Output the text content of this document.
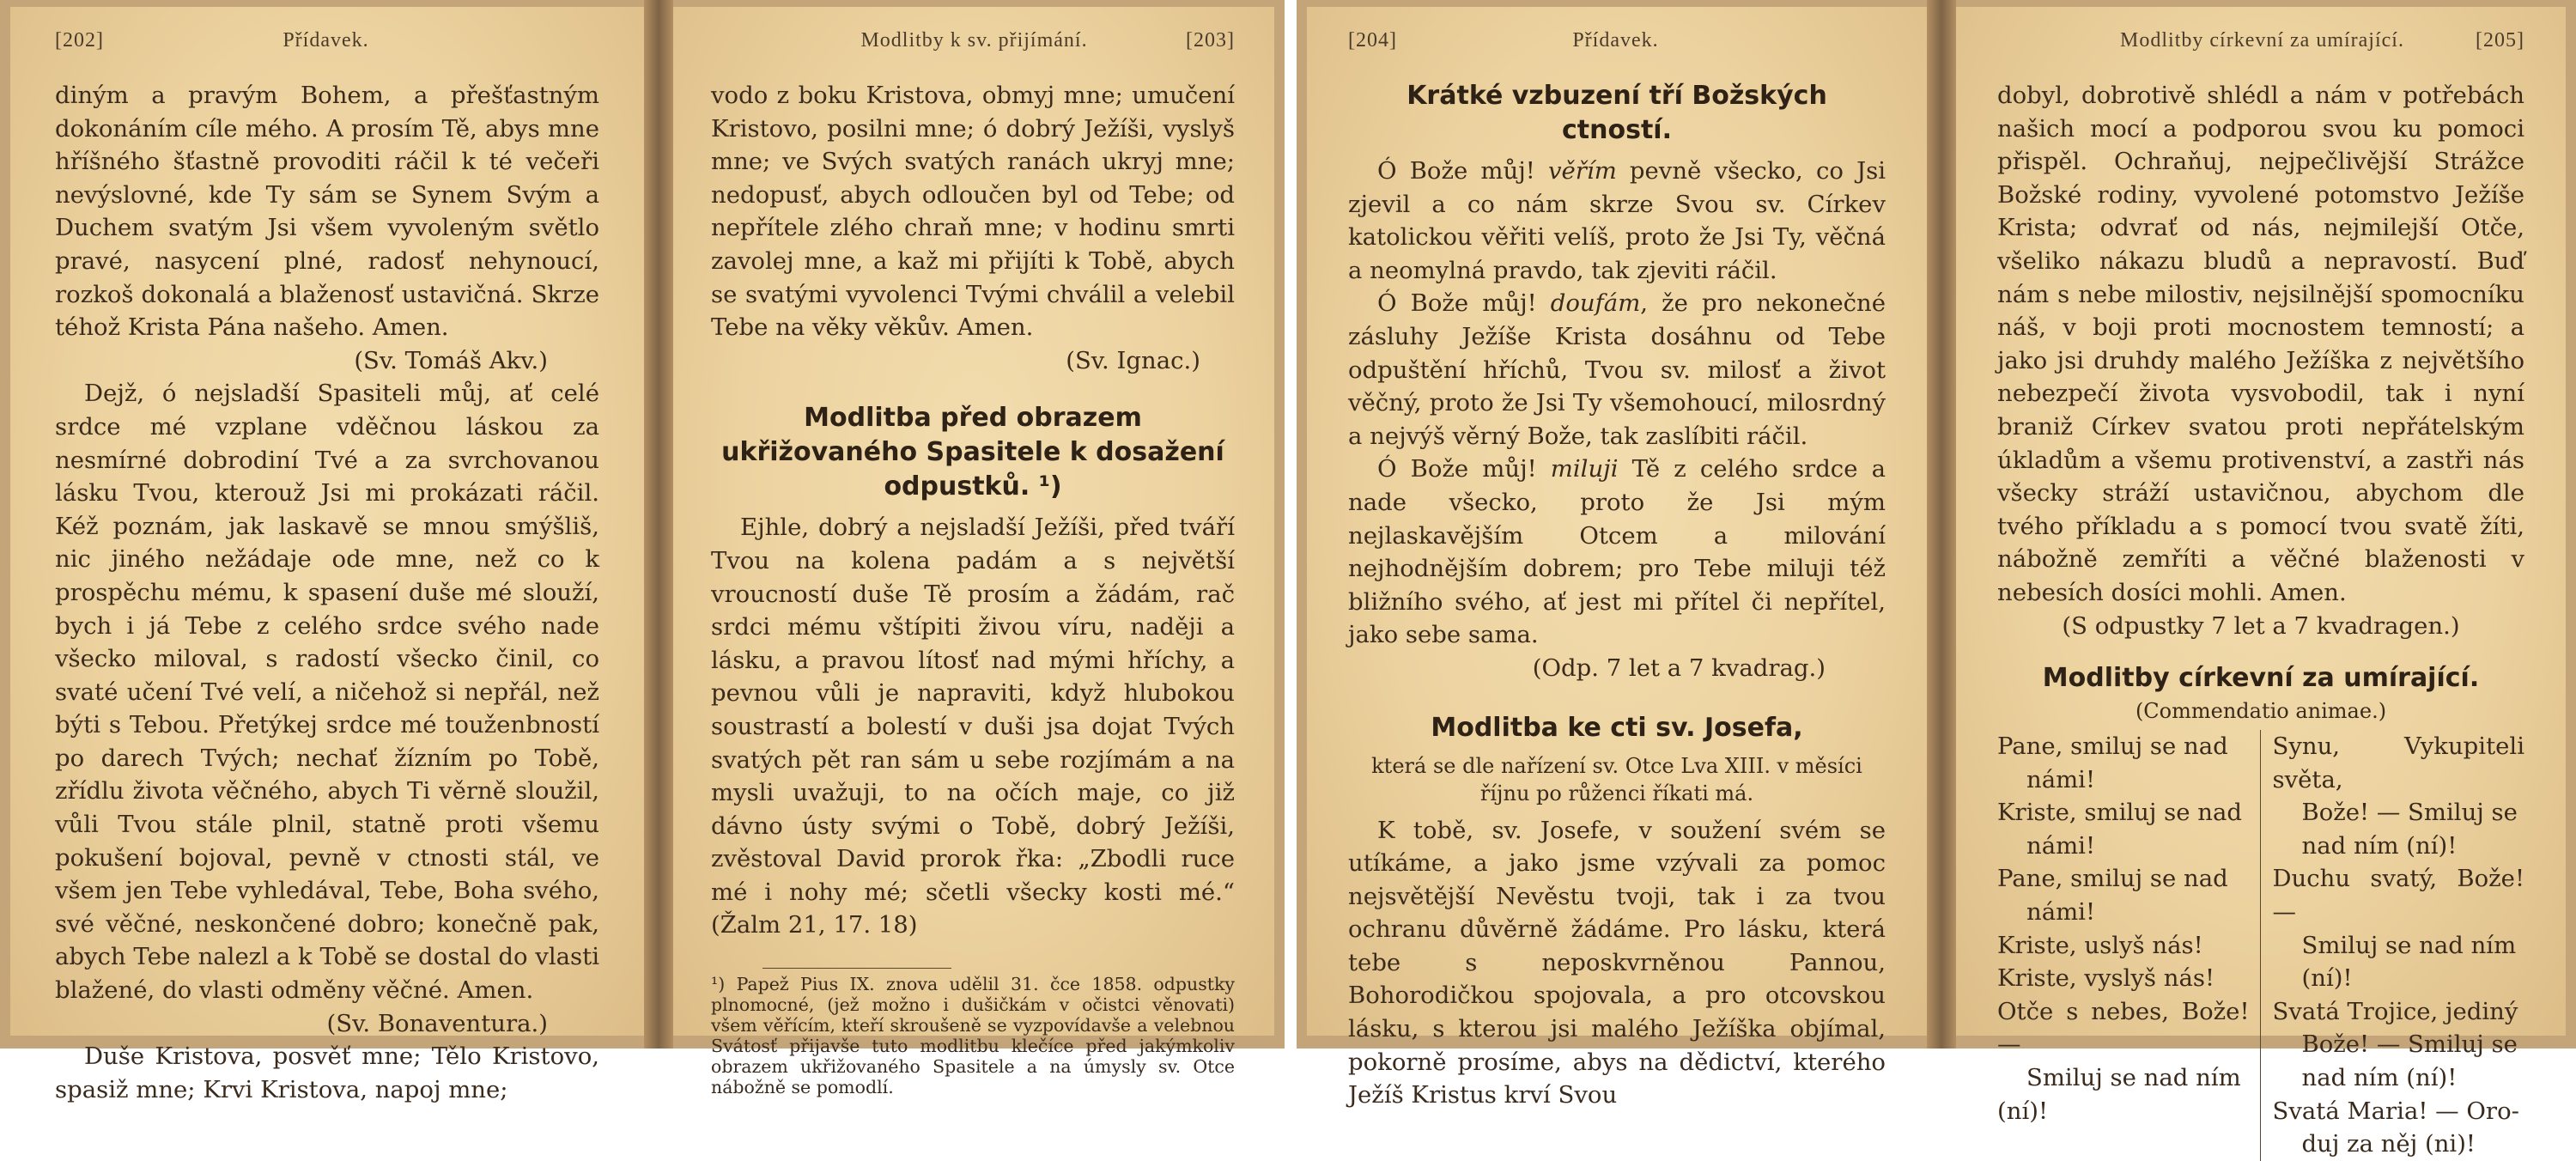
[202]	Přídavek.

diným a pravým Bohem, a přešťastným dokonáním cíle mého. A prosím Tě, abys mne hříšného šťastně provoditi ráčil k té večeři nevýslovné, kde Ty sám se Synem Svým a Duchem svatým Jsi všem vyvoleným světlo pravé, nasycení plné, radosť nehynoucí, rozkoš dokonalá a blaženosť ustavičná. Skrze téhož Krista Pána našeho. Amen.

(Sv. Tomáš Akv.)

Dejž, ó nejsladší Spasiteli můj, ať celé srdce mé vzplane vděčnou láskou za nesmírné dobrodiní Tvé a za svrchovanou lásku Tvou, kterouž Jsi mi prokázati ráčil. Kéž poznám, jak laskavě se mnou smýšliš, nic jiného nežádaje ode mne, než co k prospěchu mému, k spasení duše mé slouží, bych i já Tebe z celého srdce svého nade všecko miloval, s radostí všecko činil, co svaté učení Tvé velí, a ničehož si nepřál, než býti s Tebou. Přetýkej srdce mé touženbností po darech Tvých; nechať žízním po Tobě, zřídlu života věčného, abych Ti věrně sloužil, vůli Tvou stále plnil, statně proti všemu pokušení bojoval, pevně v ctnosti stál, ve všem jen Tebe vyhledával, Tebe, Boha svého, své věčné, neskončené dobro; konečně pak, abych Tebe nalezl a k Tobě se dostal do vlasti blažené, do vlasti odměny věčné. Amen.

(Sv. Bonaventura.)

Duše Kristova, posvěť mne; Tělo Kristovo, spasiž mne; Krvi Kristova, napoj mne;

Modlitby k sv. přijímání.	[203]

vodo z boku Kristova, obmyj mne; umučení Kristovo, posilni mne; ó dobrý Ježíši, vyslyš mne; ve Svých svatých ranách ukryj mne; nedopusť, abych odloučen byl od Tebe; od nepřítele zlého chraň mne; v hodinu smrti zavolej mne, a kaž mi přijíti k Tobě, abych se svatými vyvolenci Tvými chválil a velebil Tebe na věky věkův. Amen.

(Sv. Ignac.)

Modlitba před obrazem ukřižovaného Spasitele k dosažení odpustků. ¹)

Ejhle, dobrý a nejsladší Ježíši, před tváří Tvou na kolena padám a s největší vroucností duše Tě prosím a žádám, rač srdci mému vštípiti živou víru, naději a lásku, a pravou lítosť nad mými hříchy, a pevnou vůli je napraviti, když hlubokou soustrastí a bolestí v duši jsa dojat Tvých svatých pět ran sám u sebe rozjímám a na mysli uvažuji, to na očích maje, co již dávno ústy svými o Tobě, dobrý Ježíši, zvěstoval David prorok řka: „Zbodli ruce mé i nohy mé; sčetli všecky kosti mé.“ (Žalm 21, 17. 18)

¹) Papež Pius IX. znova udělil 31. čce 1858. odpustky plnomocné, (jež možno i dušičkám v očistci věnovati) všem věřícím, kteří skroušeně se vyzpovídavše a velebnou Svátosť přijavše tuto modlitbu klečíce před jakýmkoliv obrazem ukřižovaného Spasitele a na úmysly sv. Otce nábožně se pomodlí.
[204]	Přídavek.
Krátké vzbuzení tří Božských ctností.

Ó Bože můj! věřím pevně všecko, co Jsi zjevil a co nám skrze Svou sv. Církev katolickou věřiti velíš, proto že Jsi Ty, věčná a neomylná pravdo, tak zjeviti ráčil.

Ó Bože můj! doufám, že pro nekonečné zásluhy Ježíše Krista dosáhnu od Tebe odpuštění hříchů, Tvou sv. milosť a život věčný, proto že Jsi Ty všemohoucí, milosrdný a nejvýš věrný Bože, tak zaslíbiti ráčil.

Ó Bože můj! miluji Tě z celého srdce a nade všecko, proto že Jsi mým nejlaskavějším Otcem a milování nejhodnějším dobrem; pro Tebe miluji též bližního svého, ať jest mi přítel či nepřítel, jako sebe sama.

(Odp. 7 let a 7 kvadrag.)

Modlitba ke cti sv. Josefa,
která se dle nařízení sv. Otce Lva XIII. v měsíci říjnu po růženci říkati má.

K tobě, sv. Josefe, v soužení svém se utíkáme, a jako jsme vzývali za pomoc nejsvětější Nevěstu tvoji, tak i za tvou ochranu důvěrně žádáme. Pro lásku, která tebe s neposkvrněnou Pannou, Bohorodičkou spojovala, a pro otcovskou lásku, s kterou jsi malého Ježíška objímal, pokorně prosíme, abys na dědictví, kterého Ježíš Kristus krví Svou

Modlitby církevní za umírající.	[205]

dobyl, dobrotivě shlédl a nám v potřebách našich mocí a podporou svou ku pomoci přispěl. Ochraňuj, nejpečlivější Strážce Božské rodiny, vyvolené potomstvo Ježíše Krista; odvrať od nás, nejmilejší Otče, všeliko nákazu bludů a nepravostí. Buď nám s nebe milostiv, nejsilnější spomocníku náš, v boji proti mocnostem temností; a jako jsi druhdy malého Ježíška z největšího nebezpečí života vysvobodil, tak i nyní braniž Církev svatou proti nepřátelským úkladům a všemu protivenství, a zastři nás všecky stráží ustavičnou, abychom dle tvého příkladu a s pomocí tvou svatě žíti, nábožně zemříti a věčné blaženosti v nebesích dosíci mohli. Amen.

(S odpustky 7 let a 7 kvadragen.)

Modlitby církevní za umírající.
(Commendatio animae.)
Pane, smiluj se nad
námi!
Kriste, smiluj se nad
námi!
Pane, smiluj se nad
námi!
Kriste, uslyš nás!
Kriste, vyslyš nás!
Otče s nebes, Bože! —
Smiluj se nad ním
(ní)!
Synu, Vykupiteli světa,
Bože! — Smiluj se
nad ním (ní)!
Duchu svatý, Bože! —
Smiluj se nad ním
(ní)!
Svatá Trojice, jediný
Bože! — Smiluj se
nad ním (ní)!
Svatá Maria! — Oro-
duj za něj (ni)!
